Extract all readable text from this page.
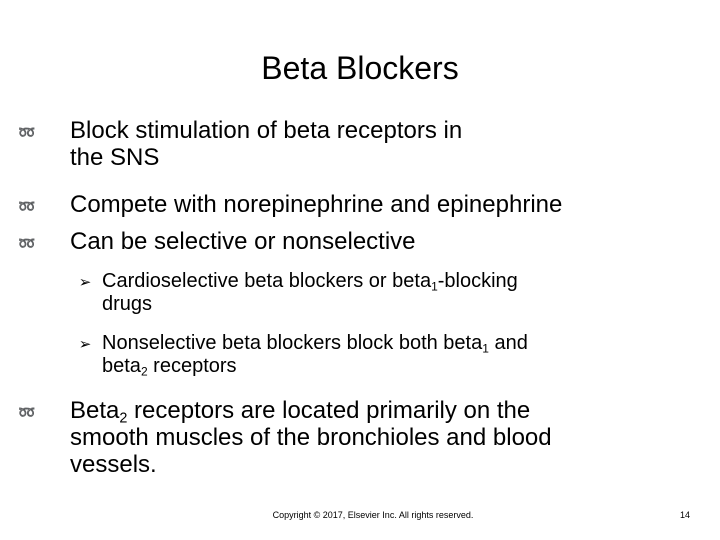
Beta Blockers
➿ Block stimulation of beta receptors in
the SNS
➿ Compete with norepinephrine and epinephrine
➿ Can be selective or nonselective
➢ Cardioselective beta blockers or beta$_1$-blocking
drugs
➢ Nonselective beta blockers block both beta$_1$ and
beta$_2$ receptors
➿ Beta$_2$ receptors are located primarily on the
smooth muscles of the bronchioles and blood
vessels.
Copyright © 2017, Elsevier Inc. All rights reserved.	14
